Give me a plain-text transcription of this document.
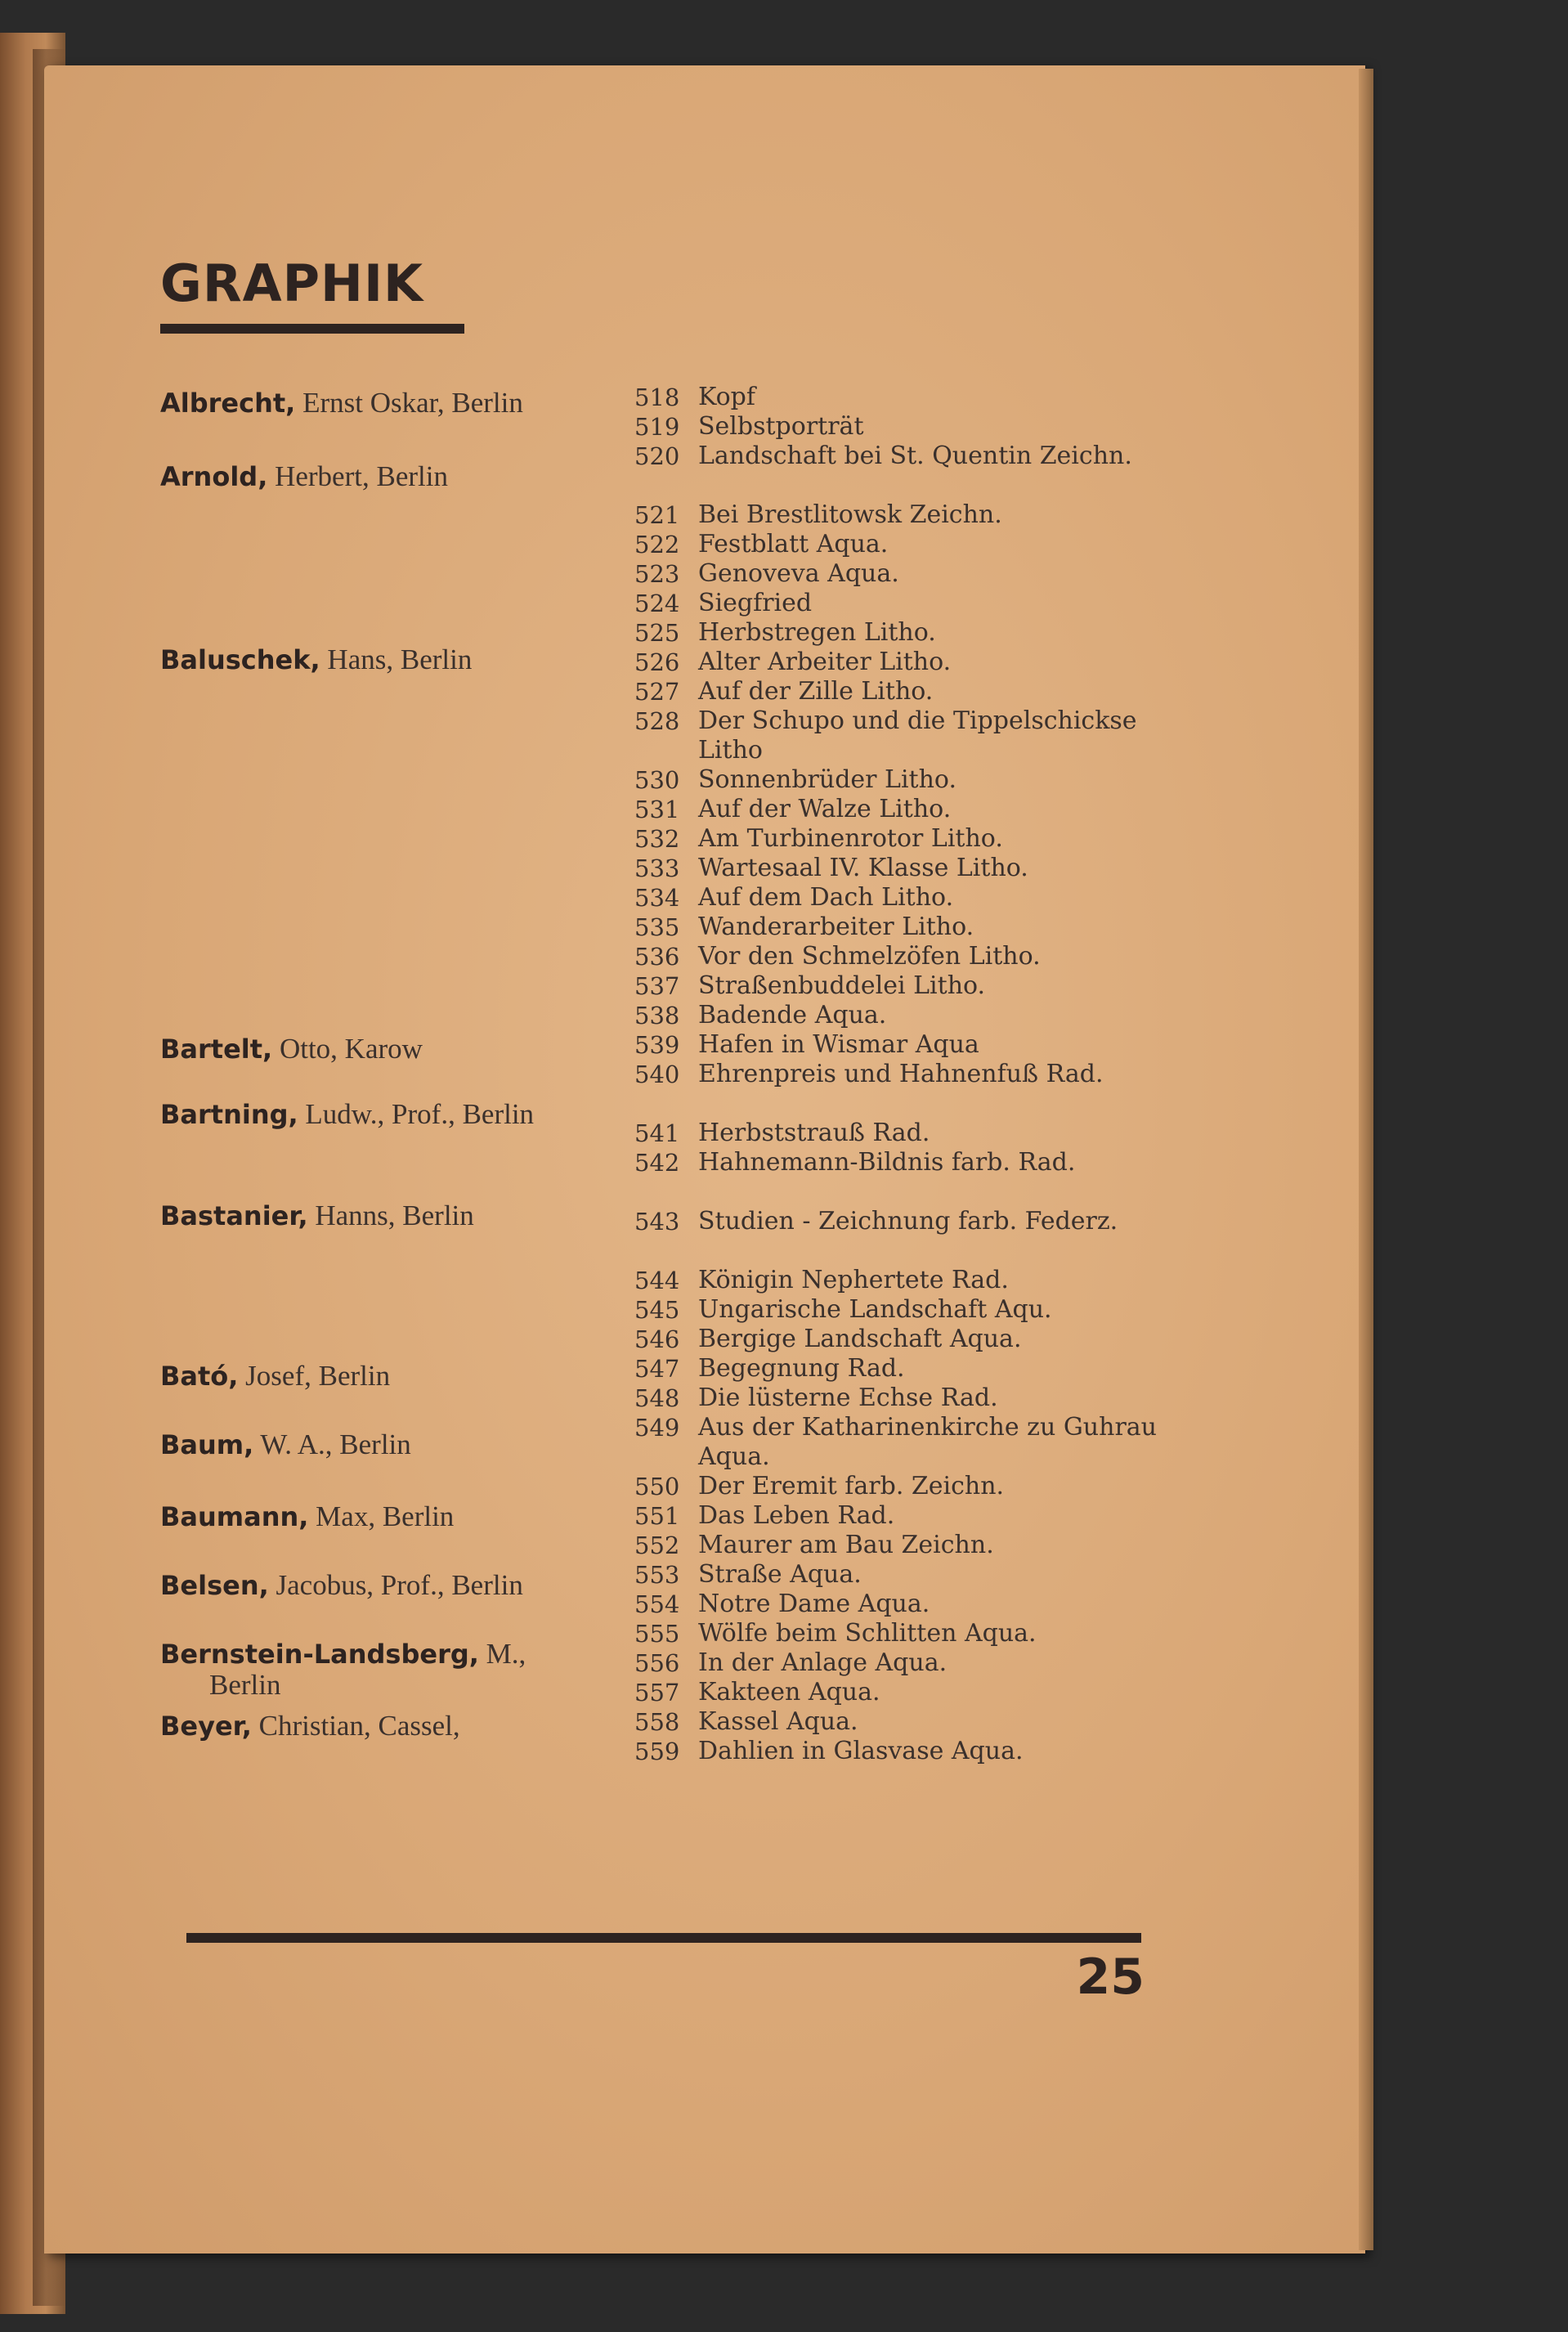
GRAPHIK
Albrecht, Ernst Oskar, Berlin
Arnold, Herbert, Berlin
Baluschek, Hans, Berlin
Bartelt, Otto, Karow
Bartning, Ludw., Prof., Berlin
Bastanier, Hanns, Berlin
Bató, Josef, Berlin
Baum, W. A., Berlin
Baumann, Max, Berlin
Belsen, Jacobus, Prof., Berlin
Bernstein-Landsberg, M.,
Berlin
Beyer, Christian, Cassel,
518 Kopf
519 Selbstporträt
520 Landschaft bei St. Quentin Zeichn.
521 Bei Brestlitowsk Zeichn.
522 Festblatt Aqua.
523 Genoveva Aqua.
524 Siegfried
525 Herbstregen Litho.
526 Alter Arbeiter Litho.
527 Auf der Zille Litho.
528 Der Schupo und die Tippelschickse Litho
530 Sonnenbrüder Litho.
531 Auf der Walze Litho.
532 Am Turbinenrotor Litho.
533 Wartesaal IV. Klasse Litho.
534 Auf dem Dach Litho.
535 Wanderarbeiter Litho.
536 Vor den Schmelzöfen Litho.
537 Straßenbuddelei Litho.
538 Badende Aqua.
539 Hafen in Wismar Aqua
540 Ehrenpreis und Hahnenfuß Rad.
541 Herbststrauß Rad.
542 Hahnemann-Bildnis farb. Rad.
543 Studien - Zeichnung farb. Federz.
544 Königin Nephertete Rad.
545 Ungarische Landschaft Aqu.
546 Bergige Landschaft Aqua.
547 Begegnung Rad.
548 Die lüsterne Echse Rad.
549 Aus der Katharinenkirche zu Guhrau Aqua.
550 Der Eremit farb. Zeichn.
551 Das Leben Rad.
552 Maurer am Bau Zeichn.
553 Straße Aqua.
554 Notre Dame Aqua.
555 Wölfe beim Schlitten Aqua.
556 In der Anlage Aqua.
557 Kakteen Aqua.
558 Kassel Aqua.
559 Dahlien in Glasvase Aqua.
25
